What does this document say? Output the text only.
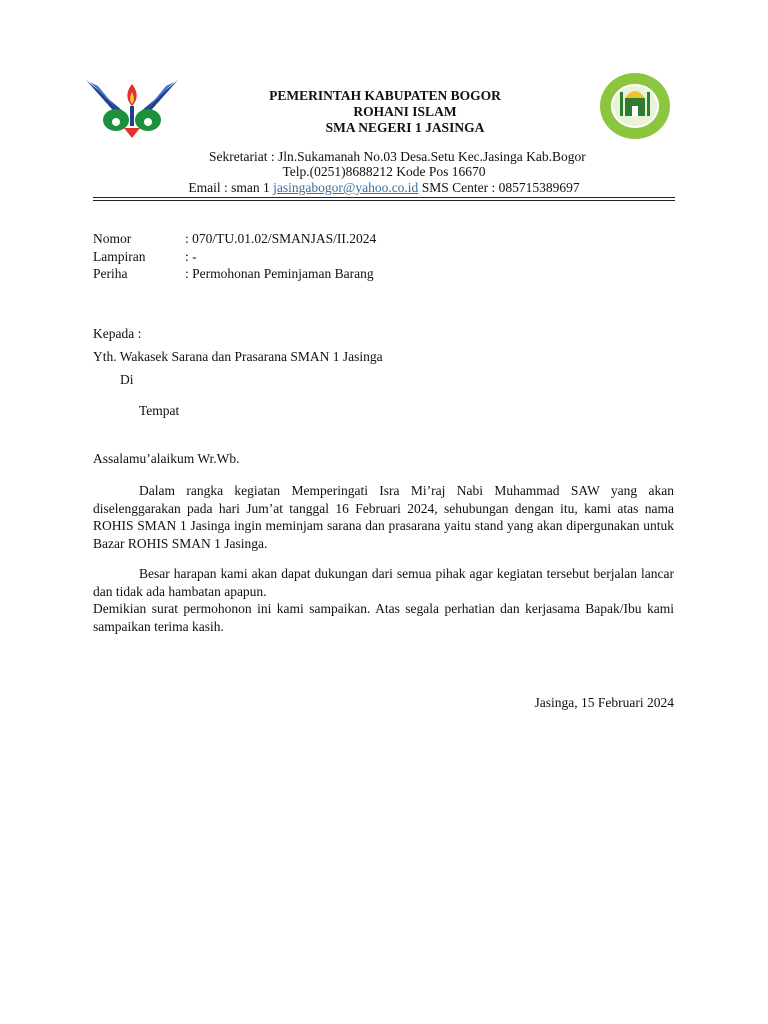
PEMERINTAH KABUPATEN BOGOR
ROHANI ISLAM
SMA NEGERI 1 JASINGA
Sekretariat : Jln.Sukamanah No.03 Desa.Setu Kec.Jasinga Kab.Bogor
Telp.(0251)8688212 Kode Pos 16670
Email : sman 1 jasingabogor@yahoo.co.id SMS Center : 085715389697
Nomor	: 070/TU.01.02/SMANJAS/II.2024
Lampiran	: -
Periha	: Permohonan Peminjaman Barang
Kepada :
Yth. Wakasek Sarana dan Prasarana SMAN 1 Jasinga
Di
Tempat
Assalamu’alaikum Wr.Wb.
Dalam rangka kegiatan Memperingati Isra Mi’raj Nabi Muhammad SAW yang akan diselenggarakan pada hari Jum’at tanggal 16 Februari 2024, sehubungan dengan itu, kami atas nama ROHIS SMAN 1 Jasinga ingin meminjam sarana dan prasarana yaitu stand yang akan dipergunakan untuk Bazar ROHIS SMAN 1 Jasinga.
Besar harapan kami akan dapat dukungan dari semua pihak agar kegiatan tersebut berjalan lancar dan tidak ada hambatan apapun.
Demikian surat permohonon ini kami sampaikan. Atas segala perhatian dan kerjasama Bapak/Ibu kami sampaikan terima kasih.
Jasinga, 15 Februari 2024
